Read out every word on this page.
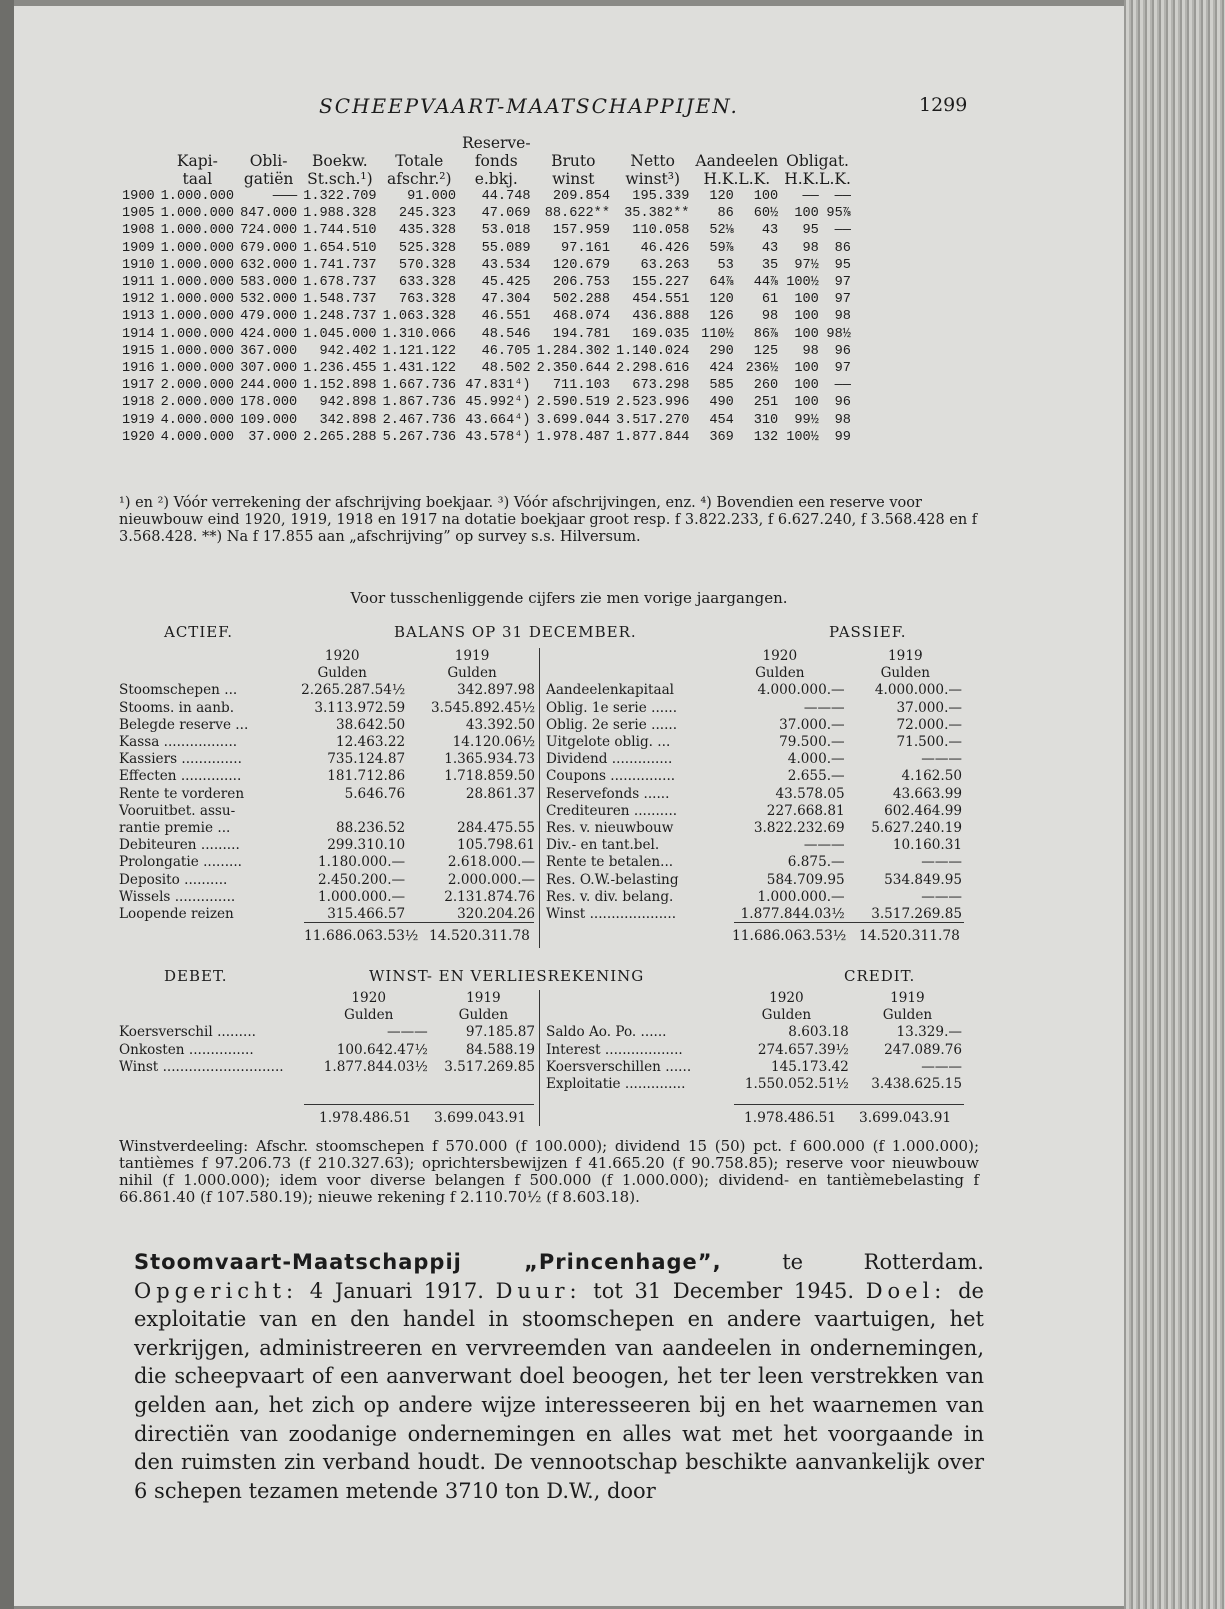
SCHEEPVAART-MAATSCHAPPIJEN.	1299
					Reserve-						
	Kapi-	Obli-	Boekw.	Totale	fonds	Bruto	Netto	Aandeelen		Obligat.	
	taal	gatiën	St.sch.¹)	afschr.²)	e.bkj.	winst	winst³)	H.K.L.K.		H.K.L.K.	
1900	1.000.000	———	1.322.709	91.000	44.748	209.854	195.339	120	100	——	——
1905	1.000.000	847.000	1.988.328	245.323	47.069	88.622**	35.382**	86	60½	100	95⅞
1908	1.000.000	724.000	1.744.510	435.328	53.018	157.959	110.058	52⅛	43	95	——
1909	1.000.000	679.000	1.654.510	525.328	55.089	97.161	46.426	59⅞	43	98	86
1910	1.000.000	632.000	1.741.737	570.328	43.534	120.679	63.263	53	35	97½	95
1911	1.000.000	583.000	1.678.737	633.328	45.425	206.753	155.227	64⅞	44⅞	100½	97
1912	1.000.000	532.000	1.548.737	763.328	47.304	502.288	454.551	120	61	100	97
1913	1.000.000	479.000	1.248.737	1.063.328	46.551	468.074	436.888	126	98	100	98
1914	1.000.000	424.000	1.045.000	1.310.066	48.546	194.781	169.035	110½	86⅞	100	98½
1915	1.000.000	367.000	942.402	1.121.122	46.705	1.284.302	1.140.024	290	125	98	96
1916	1.000.000	307.000	1.236.455	1.431.122	48.502	2.350.644	2.298.616	424	236½	100	97
1917	2.000.000	244.000	1.152.898	1.667.736	47.831⁴)	711.103	673.298	585	260	100	——
1918	2.000.000	178.000	942.898	1.867.736	45.992⁴)	2.590.519	2.523.996	490	251	100	96
1919	4.000.000	109.000	342.898	2.467.736	43.664⁴)	3.699.044	3.517.270	454	310	99½	98
1920	4.000.000	37.000	2.265.288	5.267.736	43.578⁴)	1.978.487	1.877.844	369	132	100½	99
¹) en ²) Vóór verrekening der afschrijving boekjaar. ³) Vóór afschrijvingen, enz. ⁴) Bovendien een reserve voor nieuwbouw eind 1920, 1919, 1918 en 1917 na dotatie boekjaar groot resp. f 3.822.233, f 6.627.240, f 3.568.428 en f 3.568.428. **) Na f 17.855 aan „afschrijving” op survey s.s. Hilversum.
Voor tusschenliggende cijfers zie men vorige jaargangen.
ACTIEF.	BALANS OP 31 DECEMBER.	PASSIEF.
	1920	1919
	Gulden	Gulden
Stoomschepen ...	2.265.287.54½	342.897.98
Stooms. in aanb.	3.113.972.59	3.545.892.45½
Belegde reserve ...	38.642.50	43.392.50
Kassa .................	12.463.22	14.120.06½
Kassiers ..............	735.124.87	1.365.934.73
Effecten ..............	181.712.86	1.718.859.50
Rente te vorderen	5.646.76	28.861.37
Vooruitbet. assu-		
rantie premie ...	88.236.52	284.475.55
Debiteuren .........	299.310.10	105.798.61
Prolongatie .........	1.180.000.—	2.618.000.—
Deposito ..........	2.450.200.—	2.000.000.—
Wissels ..............	1.000.000.—	2.131.874.76
Loopende reizen	315.466.57	320.204.26
	1920	1919
	Gulden	Gulden
Aandeelenkapitaal	4.000.000.—	4.000.000.—
Oblig. 1e serie ......	———	37.000.—
Oblig. 2e serie ......	37.000.—	72.000.—
Uitgelote oblig. ...	79.500.—	71.500.—
Dividend ..............	4.000.—	———
Coupons ...............	2.655.—	4.162.50
Reservefonds ......	43.578.05	43.663.99
Crediteuren ..........	227.668.81	602.464.99
Res. v. nieuwbouw	3.822.232.69	5.627.240.19
Div.- en tant.bel.	———	10.160.31
Rente te betalen...	6.875.—	———
Res. O.W.-belasting	584.709.95	534.849.95
Res. v. div. belang.	1.000.000.—	———
Winst ....................	1.877.844.03½	3.517.269.85
11.686.063.53½ 14.520.311.78	11.686.063.53½ 14.520.311.78
DEBET.	WINST- EN VERLIESREKENING	CREDIT.
	1920	1919
	Gulden	Gulden
Koersverschil .........	———	97.185.87
Onkosten ...............	100.642.47½	84.588.19
Winst ............................	1.877.844.03½	3.517.269.85
	1920	1919
	Gulden	Gulden
Saldo Ao. Po. ......	8.603.18	13.329.—
Interest ..................	274.657.39½	247.089.76
Koersverschillen ......	145.173.42	———
Exploitatie ..............	1.550.052.51½	3.438.625.15
1.978.486.51 3.699.043.91	1.978.486.51 3.699.043.91
Winstverdeeling: Afschr. stoomschepen f 570.000 (f 100.000); dividend 15 (50) pct. f 600.000 (f 1.000.000); tantièmes f 97.206.73 (f 210.327.63); oprichtersbewijzen f 41.665.20 (f 90.758.85); reserve voor nieuwbouw nihil (f 1.000.000); idem voor diverse belangen f 500.000 (f 1.000.000); dividend- en tantièmebelasting f 66.861.40 (f 107.580.19); nieuwe rekening f 2.110.70½ (f 8.603.18).
Stoomvaart-Maatschappij „Princenhage”,	te Rotterdam. Opgericht: 4 Januari 1917. Duur: tot 31 December 1945. Doel: de exploitatie van en den handel in stoomschepen en andere vaartuigen, het verkrijgen, administreeren en vervreemden van aandeelen in ondernemingen, die scheepvaart of een aanverwant doel beoogen, het ter leen verstrekken van gelden aan, het zich op andere wijze interesseeren bij en het waarnemen van directiën van zoodanige ondernemingen en alles wat met het voorgaande in den ruimsten zin verband houdt. De vennootschap beschikte aanvankelijk over 6 schepen tezamen metende 3710 ton D.W., door
